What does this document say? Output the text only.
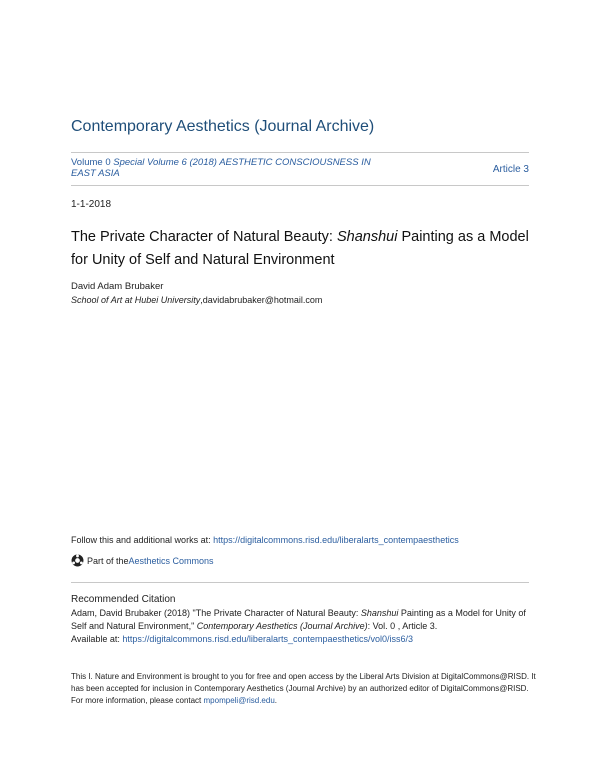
Contemporary Aesthetics (Journal Archive)
Volume 0 Special Volume 6 (2018) AESTHETIC CONSCIOUSNESS IN EAST ASIA	Article 3
1-1-2018
The Private Character of Natural Beauty: Shanshui Painting as a Model for Unity of Self and Natural Environment
David Adam Brubaker
School of Art at Hubei University,davidabrubaker@hotmail.com
Follow this and additional works at: https://digitalcommons.risd.edu/liberalarts_contempaesthetics
Part of the Aesthetics Commons
Recommended Citation
Adam, David Brubaker (2018) "The Private Character of Natural Beauty: Shanshui Painting as a Model for Unity of Self and Natural Environment," Contemporary Aesthetics (Journal Archive): Vol. 0 , Article 3.
Available at: https://digitalcommons.risd.edu/liberalarts_contempaesthetics/vol0/iss6/3
This I. Nature and Environment is brought to you for free and open access by the Liberal Arts Division at DigitalCommons@RISD. It has been accepted for inclusion in Contemporary Aesthetics (Journal Archive) by an authorized editor of DigitalCommons@RISD. For more information, please contact mpompeli@risd.edu.
